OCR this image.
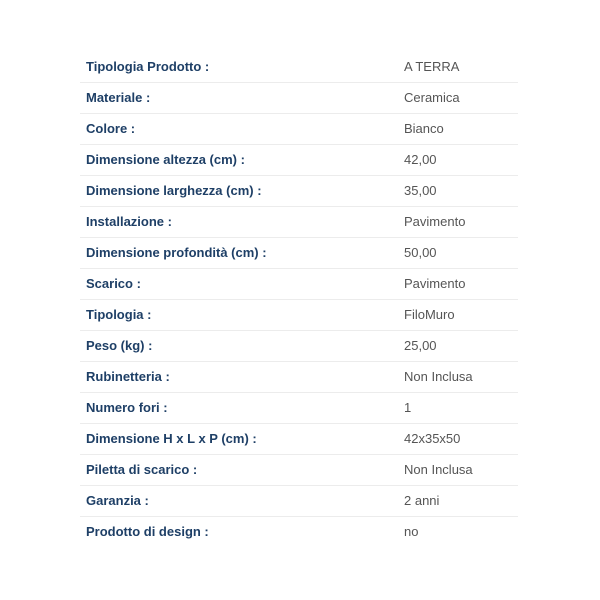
Tipologia Prodotto :	A TERRA
Materiale :	Ceramica
Colore :	Bianco
Dimensione altezza (cm) :	42,00
Dimensione larghezza (cm) :	35,00
Installazione :	Pavimento
Dimensione profondità (cm) :	50,00
Scarico :	Pavimento
Tipologia :	FiloMuro
Peso (kg) :	25,00
Rubinetteria :	Non Inclusa
Numero fori :	1
Dimensione H x L x P (cm) :	42x35x50
Piletta di scarico :	Non Inclusa
Garanzia :	2 anni
Prodotto di design :	no
